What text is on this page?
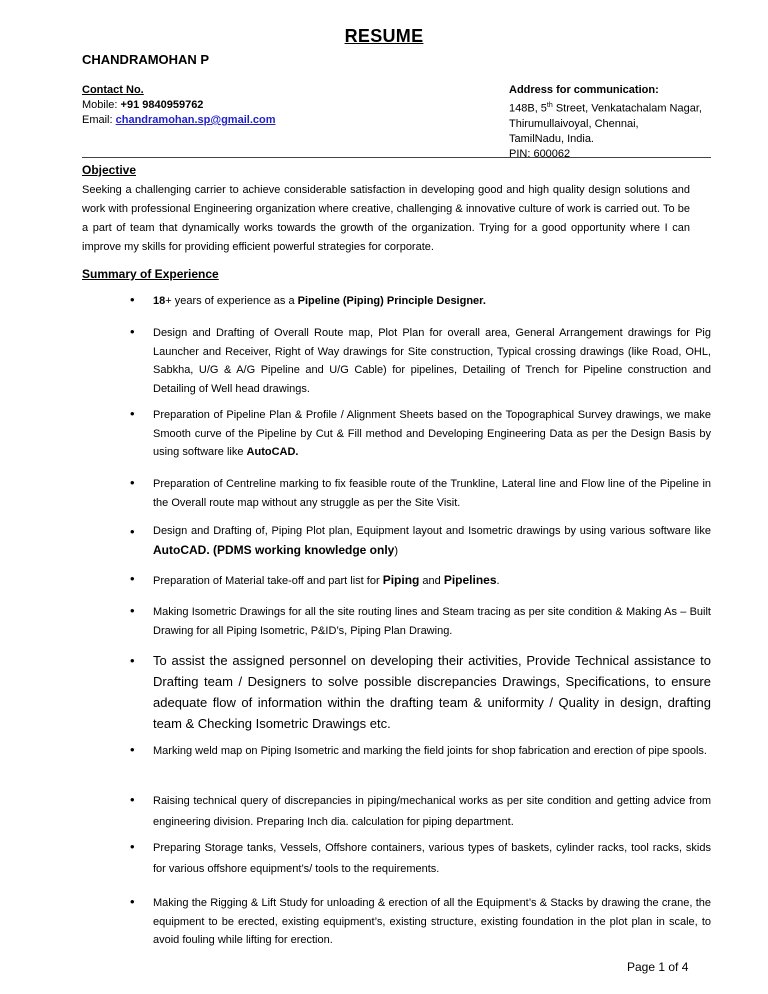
RESUME
CHANDRAMOHAN P
Contact No.
Mobile: +91 9840959762
Email: chandramohan.sp@gmail.com
Address for communication:
148B, 5th Street, Venkatachalam Nagar,
Thirumullaivoyal, Chennai,
TamilNadu, India.
PIN: 600062
Objective
Seeking a challenging carrier to achieve considerable satisfaction in developing good and high quality design solutions and work with professional Engineering organization where creative, challenging & innovative culture of work is carried out. To be a part of team that dynamically works towards the growth of the organization. Trying for a good opportunity where I can improve my skills for providing efficient powerful strategies for corporate.
Summary of Experience
• 18+ years of experience as a Pipeline (Piping) Principle Designer.
• Design and Drafting of Overall Route map, Plot Plan for overall area, General Arrangement drawings for Pig Launcher and Receiver, Right of Way drawings for Site construction, Typical crossing drawings (like Road, OHL, Sabkha, U/G & A/G Pipeline and U/G Cable) for pipelines, Detailing of Trench for Pipeline construction and Detailing of Well head drawings.
• Preparation of Pipeline Plan & Profile / Alignment Sheets based on the Topographical Survey drawings, we make Smooth curve of the Pipeline by Cut & Fill method and Developing Engineering Data as per the Design Basis by using software like AutoCAD.
• Preparation of Centreline marking to fix feasible route of the Trunkline, Lateral line and Flow line of the Pipeline in the Overall route map without any struggle as per the Site Visit.
• Design and Drafting of, Piping Plot plan, Equipment layout and Isometric drawings by using various software like AutoCAD. (PDMS working knowledge only)
• Preparation of Material take-off and part list for Piping and Pipelines.
• Making Isometric Drawings for all the site routing lines and Steam tracing as per site condition & Making As – Built Drawing for all Piping Isometric, P&ID’s, Piping Plan Drawing.
• To assist the assigned personnel on developing their activities, Provide Technical assistance to Drafting team / Designers to solve possible discrepancies Drawings, Specifications, to ensure adequate flow of information within the drafting team & uniformity / Quality in design, drafting team & Checking Isometric Drawings etc.
• Marking weld map on Piping Isometric and marking the field joints for shop fabrication and erection of pipe spools.
• Raising technical query of discrepancies in piping/mechanical works as per site condition and getting advice from engineering division. Preparing Inch dia. calculation for piping department.
• Preparing Storage tanks, Vessels, Offshore containers, various types of baskets, cylinder racks, tool racks, skids for various offshore equipment’s/ tools to the requirements.
• Making the Rigging & Lift Study for unloading & erection of all the Equipment’s & Stacks by drawing the crane, the equipment to be erected, existing equipment’s, existing structure, existing foundation in the plot plan in scale, to avoid fouling while lifting for erection.
Page 1 of 4
